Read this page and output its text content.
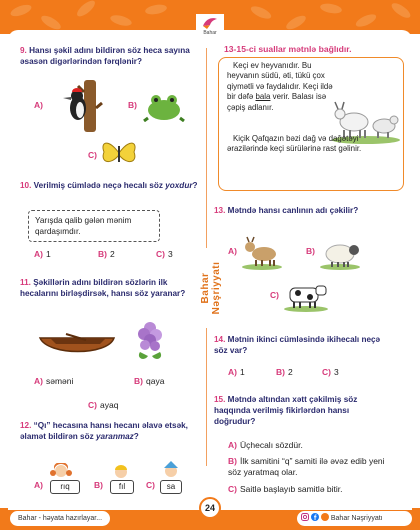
Bahar
Bahar Nəşriyyatı
9. Hansı şəkil adını bildirən söz heca sayına əsasən digərlərindən fərqlənir?
A)	B)
C)
10. Verilmiş cümlədə neçə hecalı söz yoxdur?
Yarışda qalib gələn mənim qardaşımdır.
A) 1	B) 2	C) 3
11. Şəkillərin adını bildirən sözlərin ilk hecalarını birləşdirsək, hansı söz yaranar?
A) səməni	B) qaya
C) ayaq
12. “Qı” hecasına hansı hecanı əlavə etsək, əlamət bildirən söz yaranmaz?
A)	rıq	B)	fıl	C)	sa
13-15-ci suallar mətnlə bağlıdır.

Keçi ev heyvanıdır. Bu heyvanın südü, əti, tükü çox qiymətli və faydalıdır. Keçi ildə bir dəfə bala verir. Balası isə çəpiş adlanır.

Kiçik Qafqazın bəzi dağ və dağətəyi ərazilərində keçi sürülərinə rast gəlinir.

13. Mətndə hansı canlının adı çəkilir?
A)	B)
C)
14. Mətnin ikinci cümləsində ikihecalı neçə söz var?
A) 1	B) 2	C) 3
15. Mətndə altından xətt çəkilmiş söz haqqında verilmiş fikirlərdən hansı doğrudur?
A) Üçhecalı sözdür.
B) İlk samitini “q” samiti ilə əvəz edib yeni söz yaratmaq olar.
C) Saitlə başlayıb samitlə bitir.
Bahar - həyata hazırlayar...
24
Bahar Nəşriyyatı
